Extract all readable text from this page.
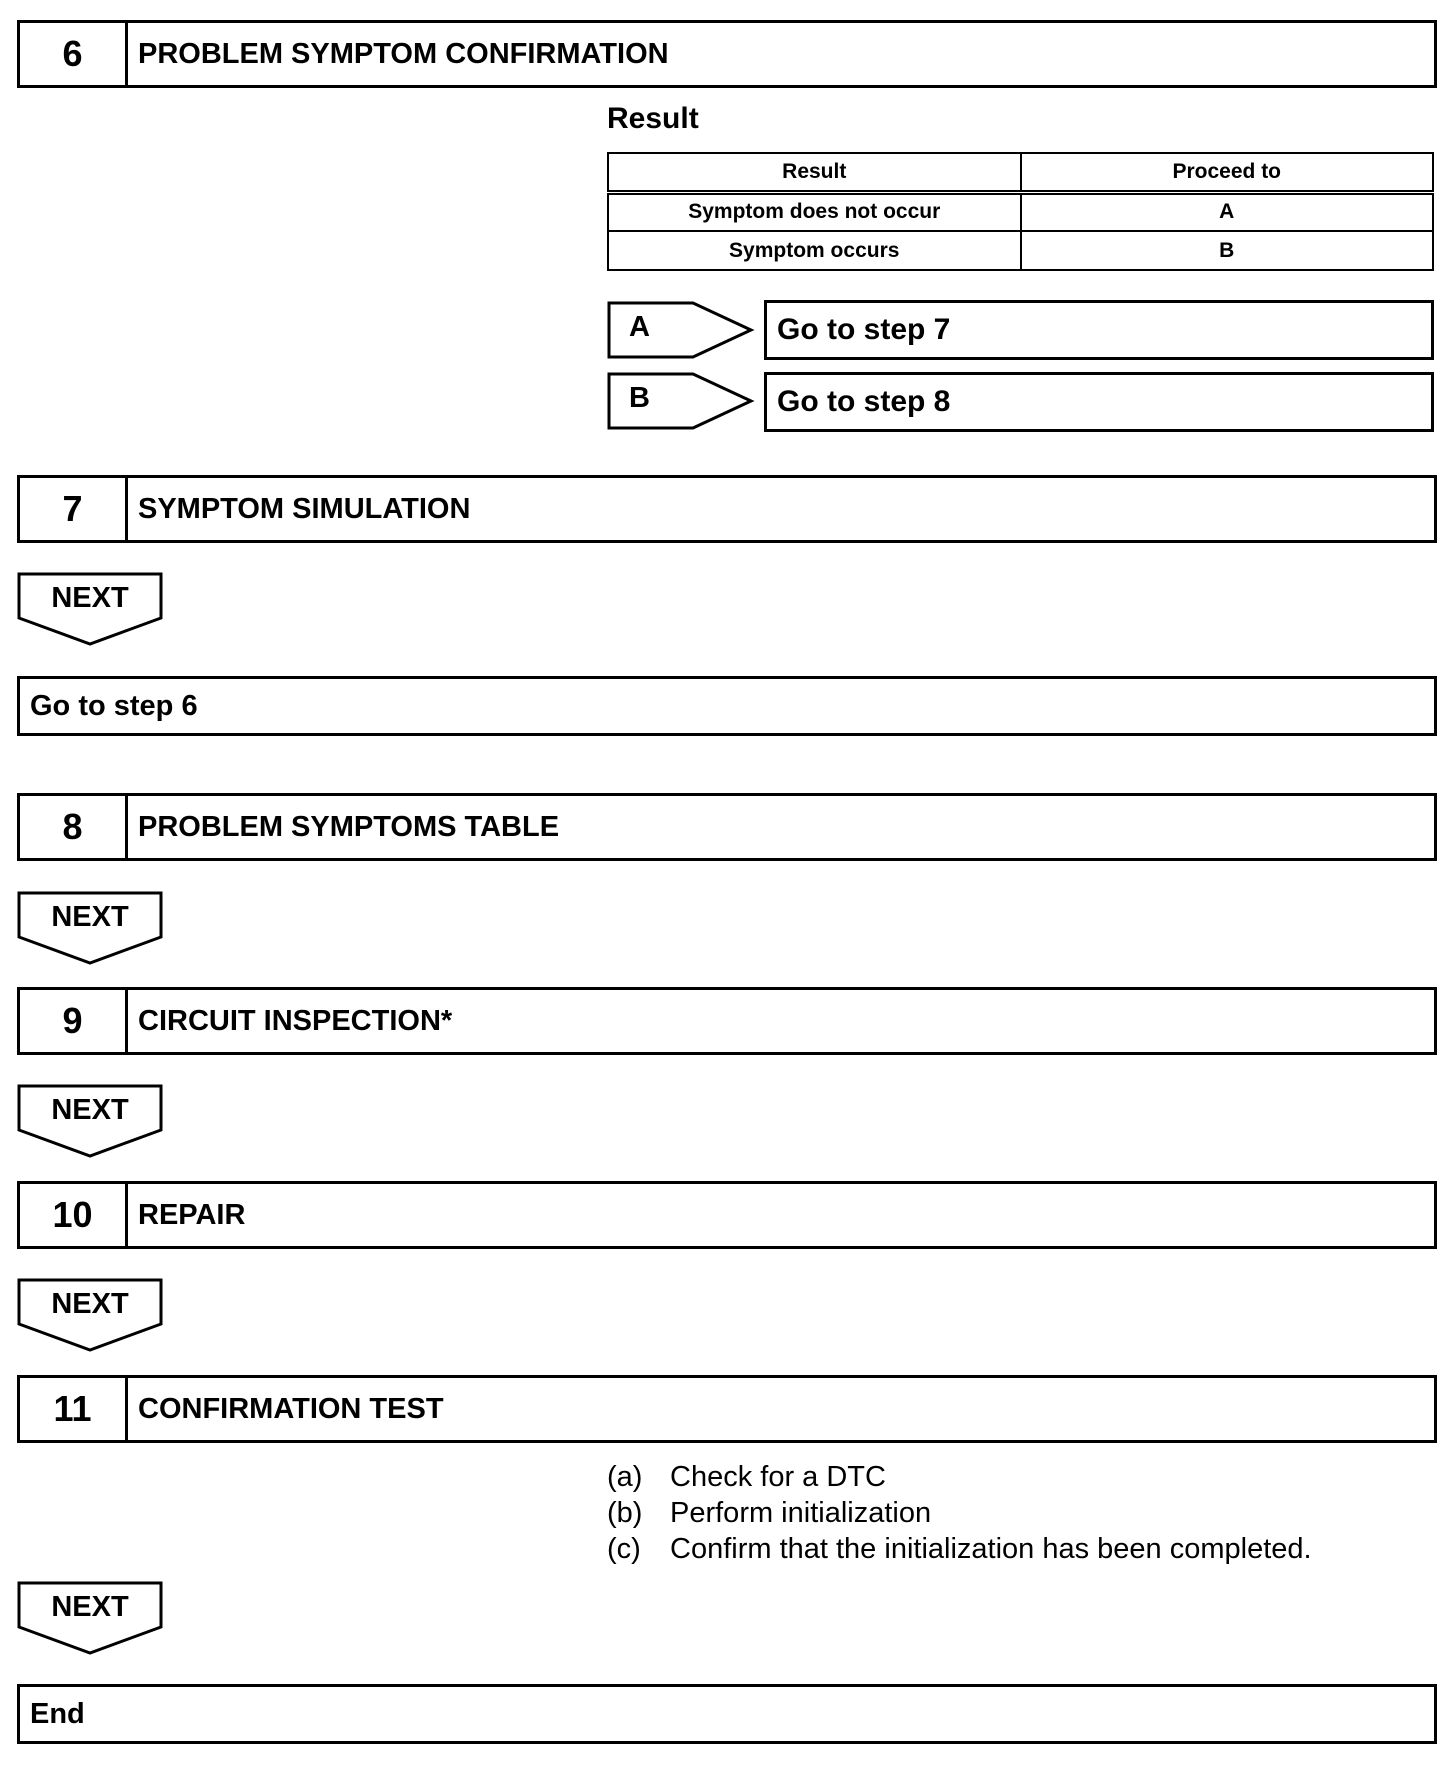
6	PROBLEM SYMPTOM CONFIRMATION
Result
Result	Proceed to
Symptom does not occur	A
Symptom occurs	B
A	Go to step 7
B	Go to step 8
7	SYMPTOM SIMULATION
NEXT
Go to step 6
8	PROBLEM SYMPTOMS TABLE
NEXT
9	CIRCUIT INSPECTION*
NEXT
10	REPAIR
NEXT
11	CONFIRMATION TEST
(a) Check for a DTC
(b) Perform initialization
(c)	Confirm that the initialization has been completed.
NEXT
End
